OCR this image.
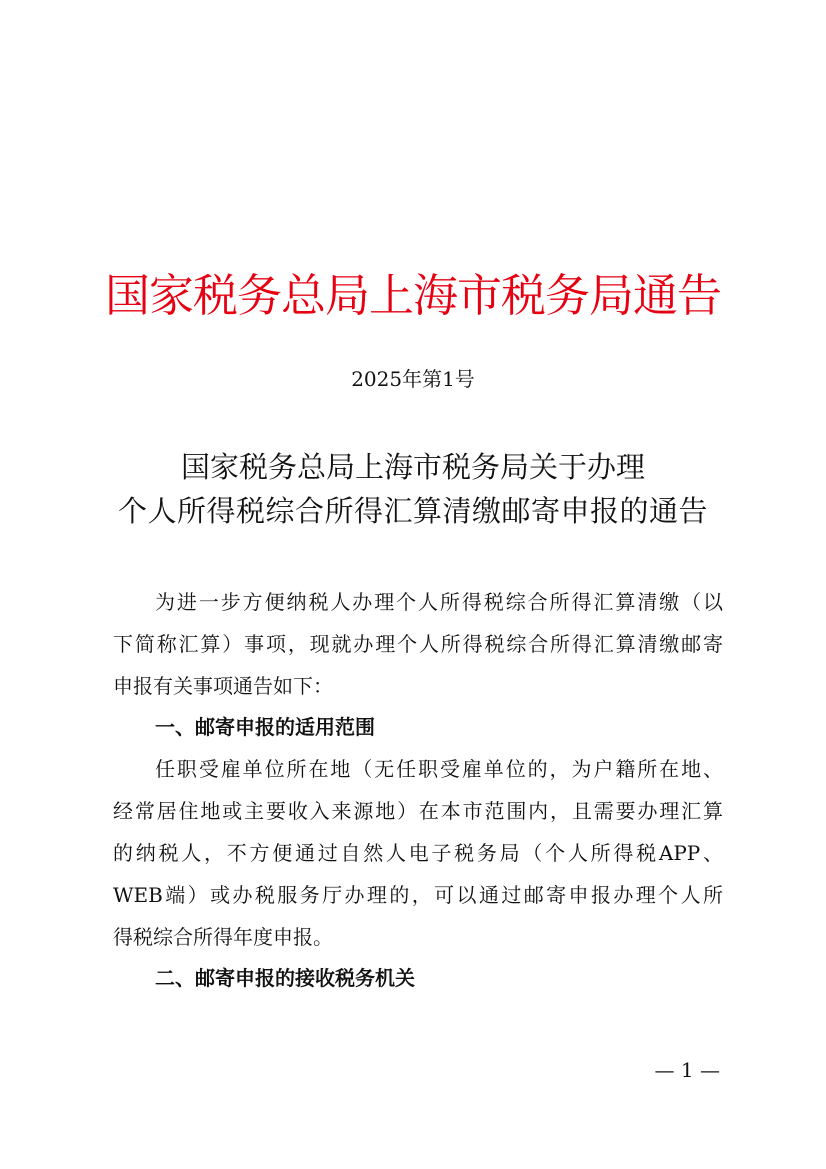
国家税务总局上海市税务局通告
2025年第1号
国家税务总局上海市税务局关于办理
个人所得税综合所得汇算清缴邮寄申报的通告
为进一步方便纳税人办理个人所得税综合所得汇算清缴（以
下简称汇算）事项，现就办理个人所得税综合所得汇算清缴邮寄
申报有关事项通告如下：
一、邮寄申报的适用范围
任职受雇单位所在地（无任职受雇单位的，为户籍所在地、
经常居住地或主要收入来源地）在本市范围内，且需要办理汇算
的纳税人，不方便通过自然人电子税务局（个人所得税APP、
WEB端）或办税服务厅办理的，可以通过邮寄申报办理个人所
得税综合所得年度申报。
二、邮寄申报的接收税务机关
— 1 —
